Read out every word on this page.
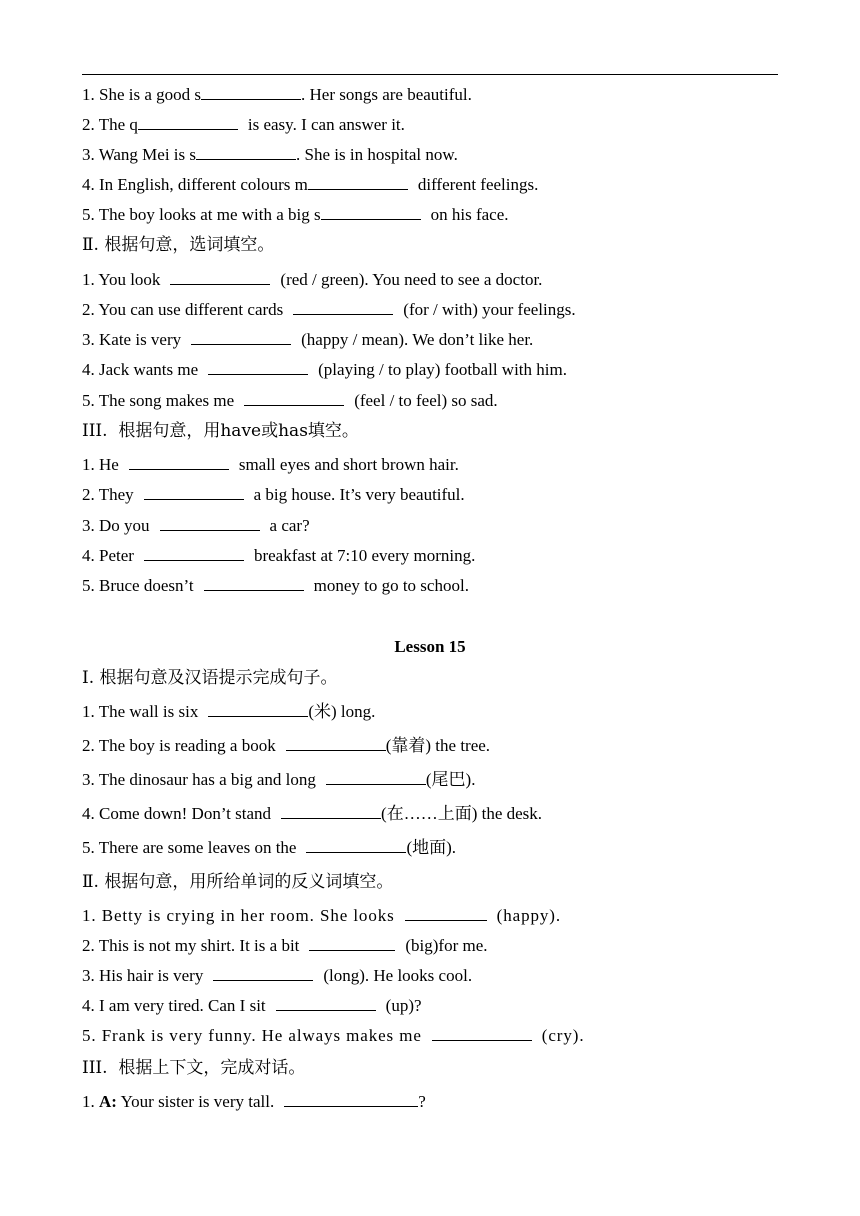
1. She is a good s	. Her songs are beautiful.
2. The q	is easy. I can answer it.
3. Wang Mei is s	. She is in hospital now.
4. In English, different colours m	different feelings.
5. The boy looks at me with a big s	on his face.
Ⅱ. 根据句意，选词填空。
1. You look	(red / green). You need to see a doctor.
2. You can use different cards	(for / with) your feelings.
3. Kate is very	(happy / mean). We don’t like her.
4. Jack wants me	(playing / to play) football with him.
5. The song makes me	(feel / to feel) so sad.
III.  根据句意，用have或has填空。
1. He	small eyes and short brown hair.
2. They	a big house. It’s very beautiful.
3. Do you	a car?
4. Peter	breakfast at 7:10 every morning.
5. Bruce doesn’t	money to go to school.
Lesson 15
Ⅰ. 根据句意及汉语提示完成句子。
1. The wall is six	(米) long.
2. The boy is reading a book	(靠着) the tree.
3. The dinosaur has a big and long	(尾巴).
4. Come down! Don’t stand	(在……上面) the desk.
5. There are some leaves on the	(地面).
Ⅱ. 根据句意，用所给单词的反义词填空。
1. Betty is crying in her room. She looks	(happy).
2. This is not my shirt. It is a bit	(big)for me.
3. His hair is very	(long). He looks cool.
4. I am very tired. Can I sit	(up)?
5. Frank is very funny. He always makes me	(cry).
III.  根据上下文，完成对话。
1. A: Your sister is very tall.	?
